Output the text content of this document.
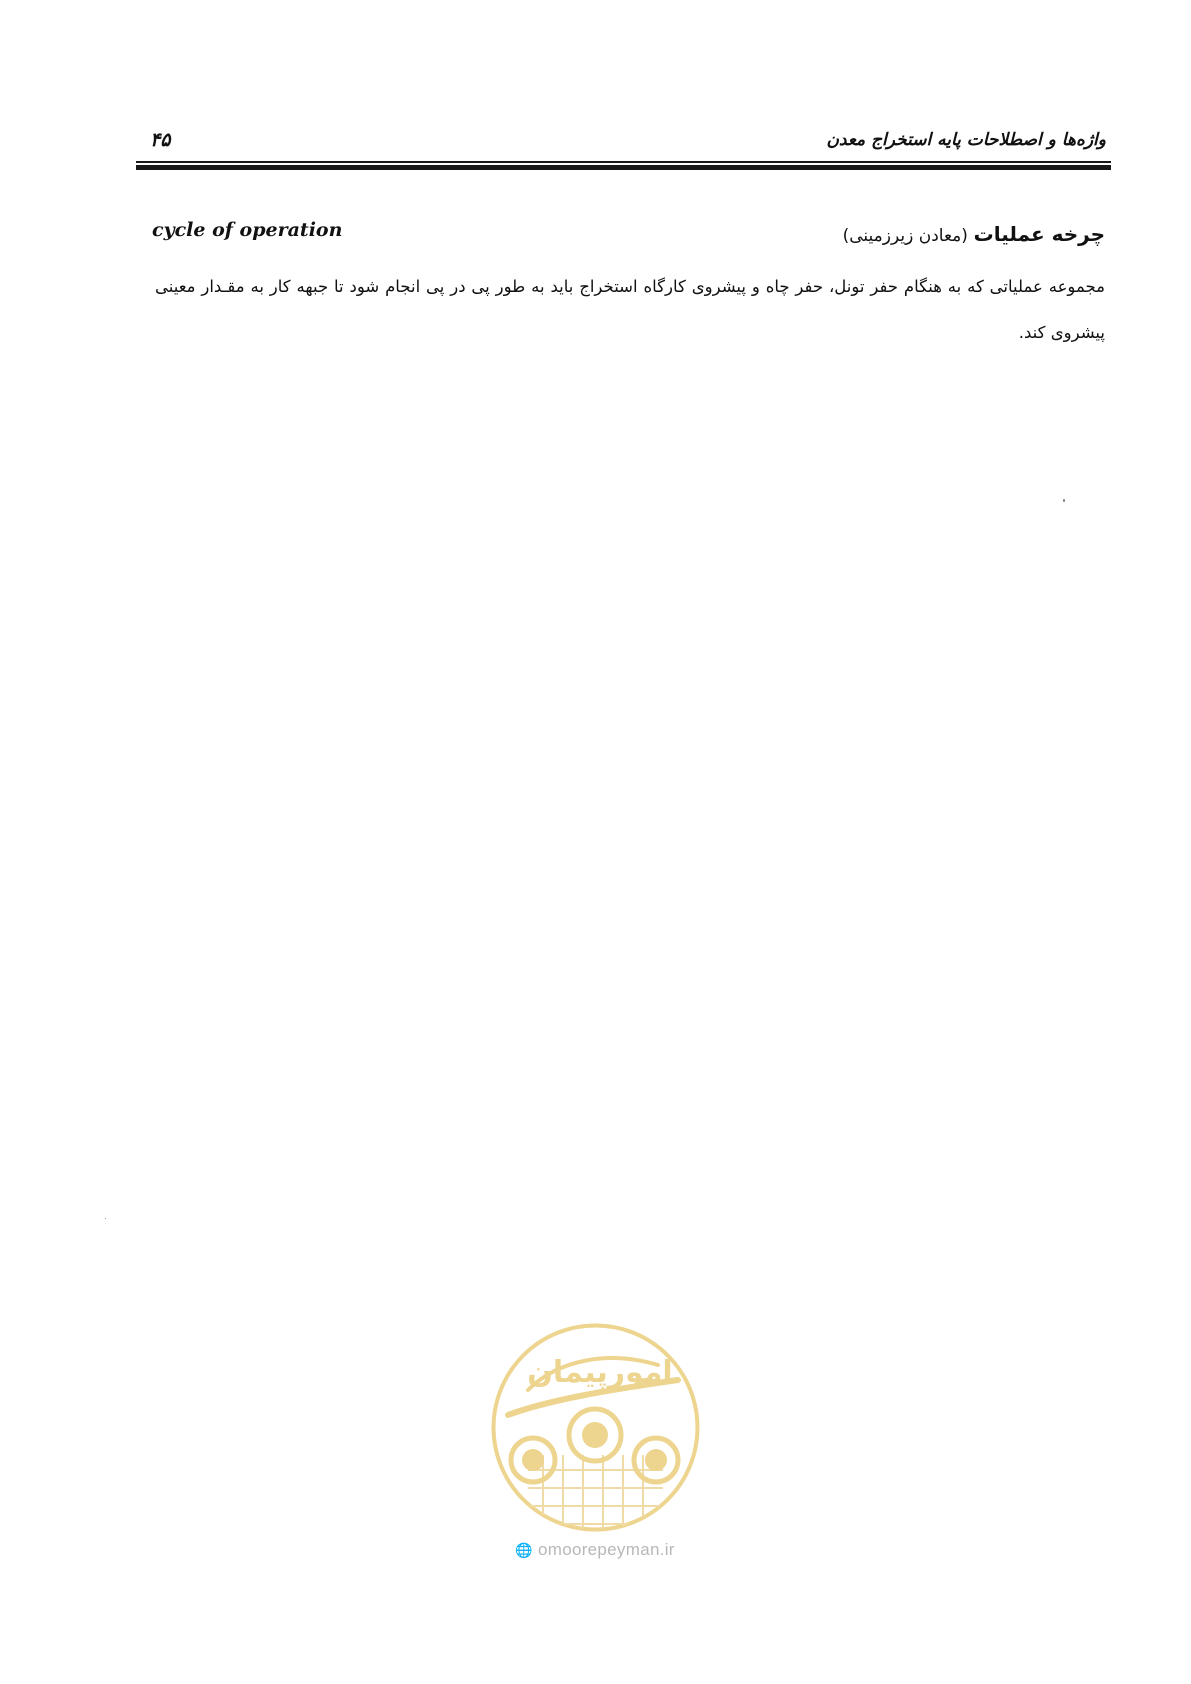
واژه‌ها و اصطلاحات پایه استخراج معدن
۴۵
چرخه عملیات (معادن زیرزمینی)
cycle of operation
مجموعه عملیاتی که به هنگام حفر تونل، حفر چاه و پیشروی کارگاه استخراج باید به طور پی در پی انجام شود تا جبهه کار به مقـدار معینی پیشروی کند.
امورپیمان
🌐 omoorepeyman.ir
